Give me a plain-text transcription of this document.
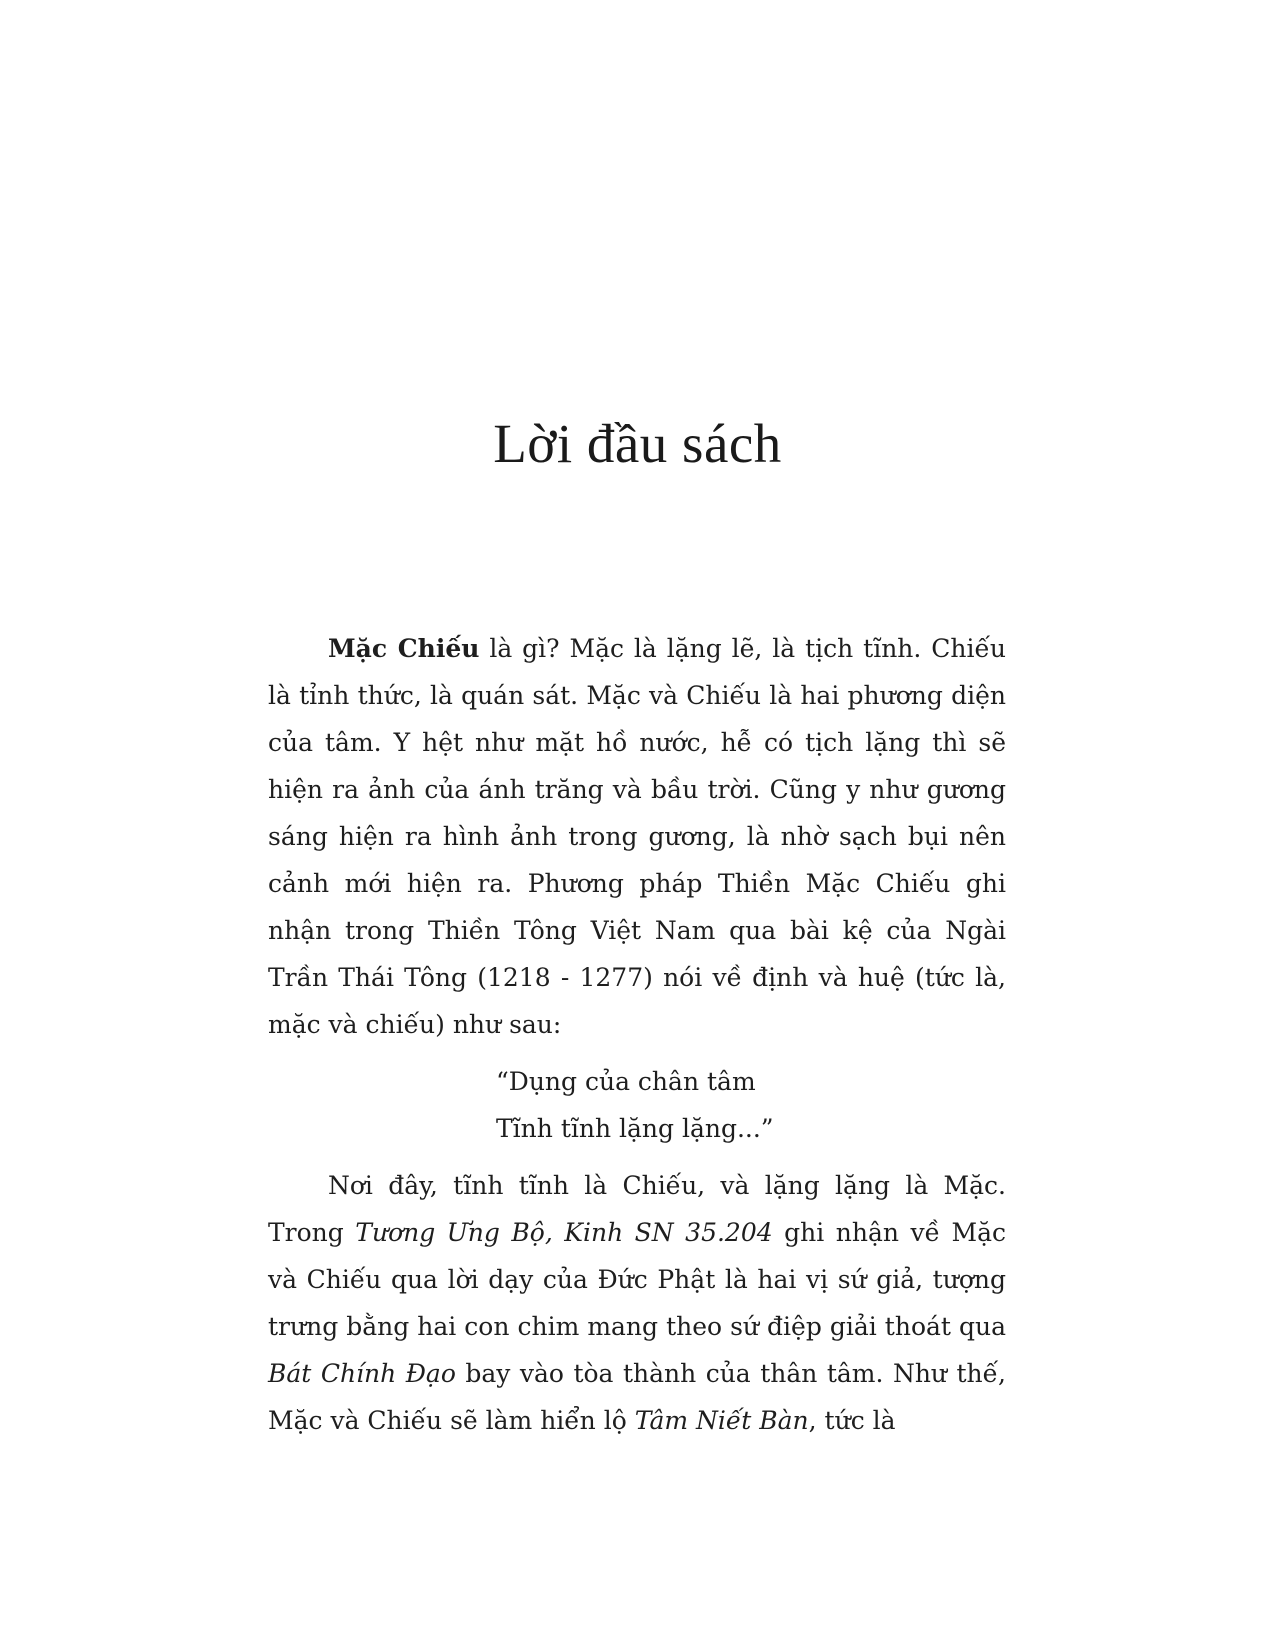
Lời đầu sách

Mặc Chiếu là gì? Mặc là lặng lẽ, là tịch tĩnh. Chiếu là tỉnh thức, là quán sát. Mặc và Chiếu là hai phương diện của tâm. Y hệt như mặt hồ nước, hễ có tịch lặng thì sẽ hiện ra ảnh của ánh trăng và bầu trời. Cũng y như gương sáng hiện ra hình ảnh trong gương, là nhờ sạch bụi nên cảnh mới hiện ra. Phương pháp Thiền Mặc Chiếu ghi nhận trong Thiền Tông Việt Nam qua bài kệ của Ngài Trần Thái Tông (1218 - 1277) nói về định và huệ (tức là, mặc và chiếu) như sau:

“Dụng của chân tâm
Tĩnh tĩnh lặng lặng...”

Nơi đây, tĩnh tĩnh là Chiếu, và lặng lặng là Mặc. Trong Tương Ưng Bộ, Kinh SN 35.204 ghi nhận về Mặc và Chiếu qua lời dạy của Đức Phật là hai vị sứ giả, tượng trưng bằng hai con chim mang theo sứ điệp giải thoát qua Bát Chính Đạo bay vào tòa thành của thân tâm. Như thế, Mặc và Chiếu sẽ làm hiển lộ Tâm Niết Bàn, tức là
